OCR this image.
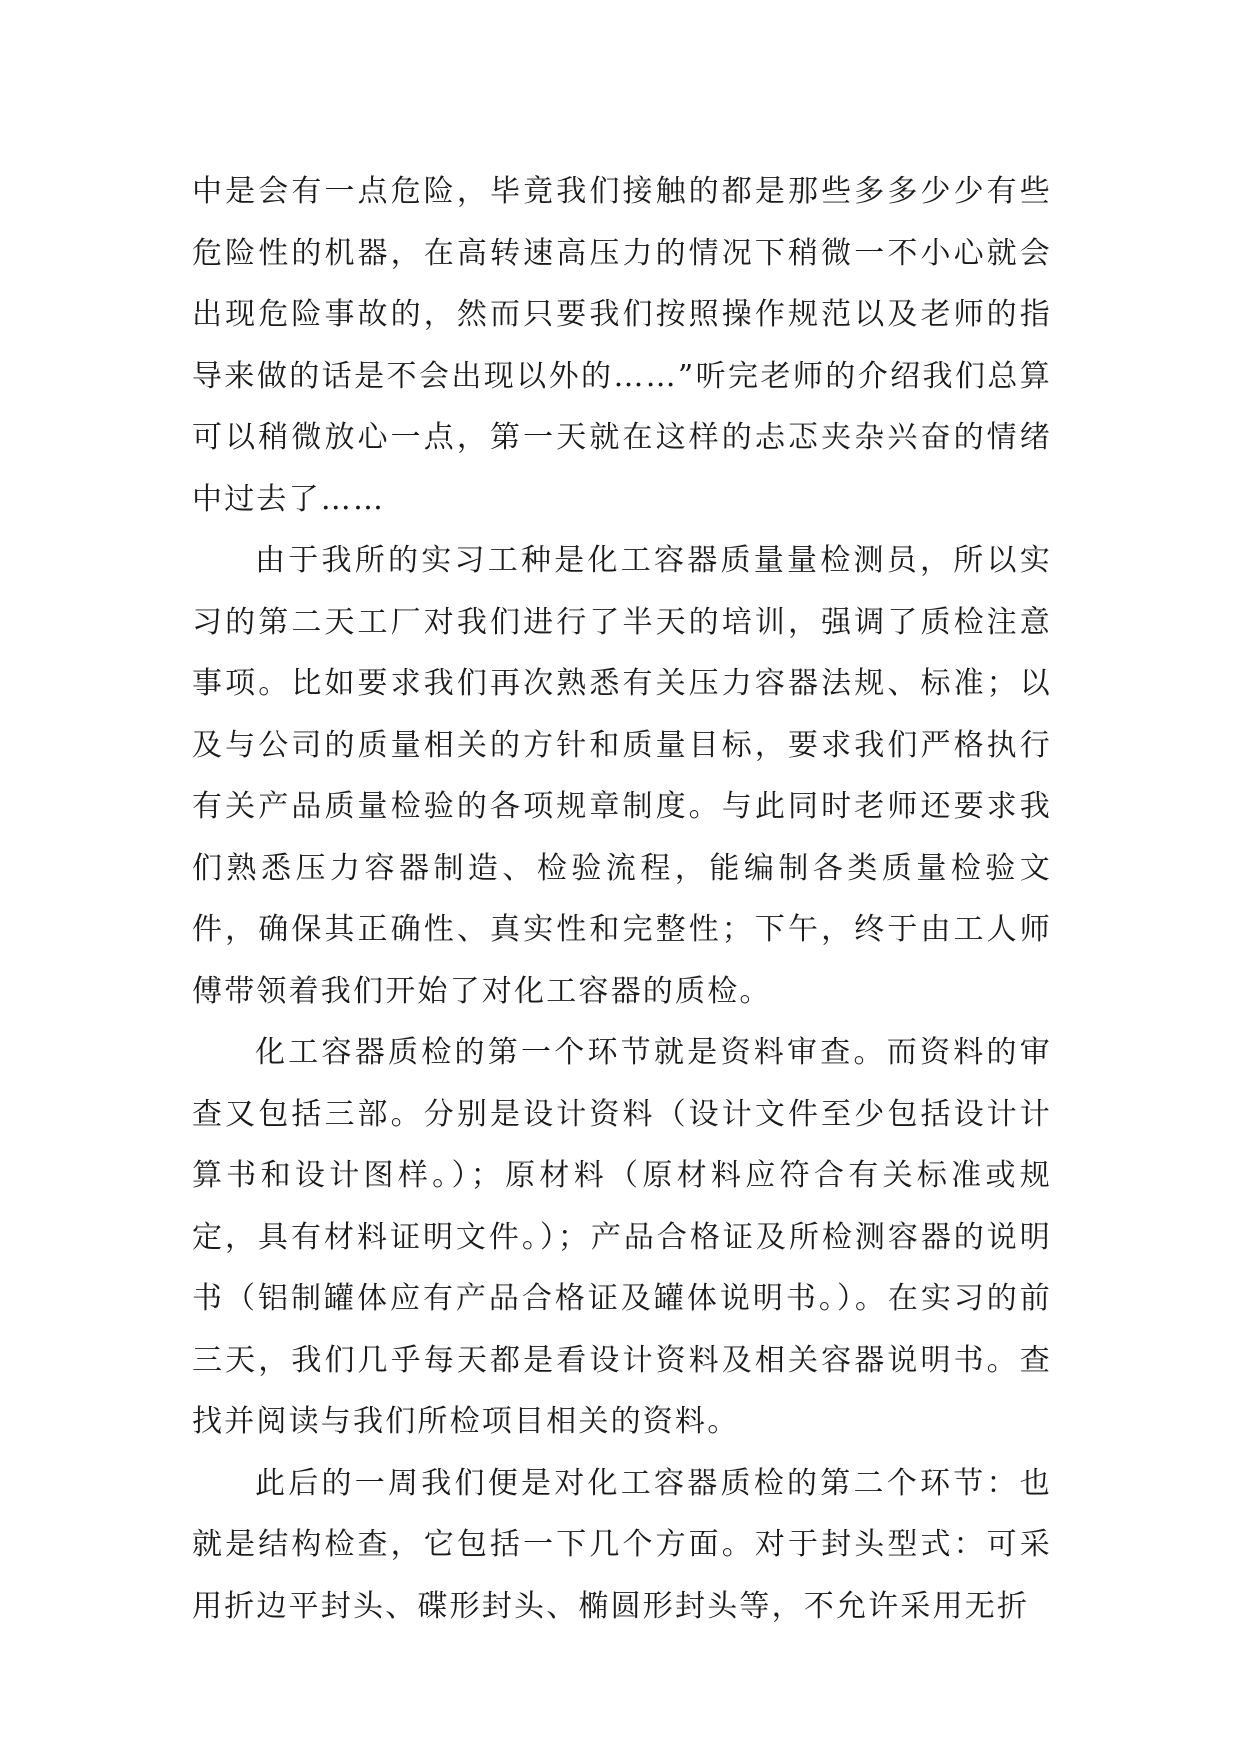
中是会有一点危险，毕竟我们接触的都是那些多多少少有些危险性的机器，在高转速高压力的情况下稍微一不小心就会出现危险事故的，然而只要我们按照操作规范以及老师的指导来做的话是不会出现以外的……”听完老师的介绍我们总算可以稍微放心一点，第一天就在这样的忐忑夹杂兴奋的情绪中过去了……

由于我所的实习工种是化工容器质量量检测员，所以实习的第二天工厂对我们进行了半天的培训，强调了质检注意事项。比如要求我们再次熟悉有关压力容器法规、标准；以及与公司的质量相关的方针和质量目标，要求我们严格执行有关产品质量检验的各项规章制度。与此同时老师还要求我们熟悉压力容器制造、检验流程，能编制各类质量检验文件，确保其正确性、真实性和完整性；下午，终于由工人师傅带领着我们开始了对化工容器的质检。

化工容器质检的第一个环节就是资料审查。而资料的审查又包括三部。分别是设计资料（设计文件至少包括设计计算书和设计图样。）；原材料（原材料应符合有关标准或规定，具有材料证明文件。）；产品合格证及所检测容器的说明书（铝制罐体应有产品合格证及罐体说明书。）。在实习的前三天，我们几乎每天都是看设计资料及相关容器说明书。查找并阅读与我们所检项目相关的资料。

此后的一周我们便是对化工容器质检的第二个环节：也就是结构检查，它包括一下几个方面。对于封头型式：可采用折边平封头、碟形封头、椭圆形封头等，不允许采用无折
